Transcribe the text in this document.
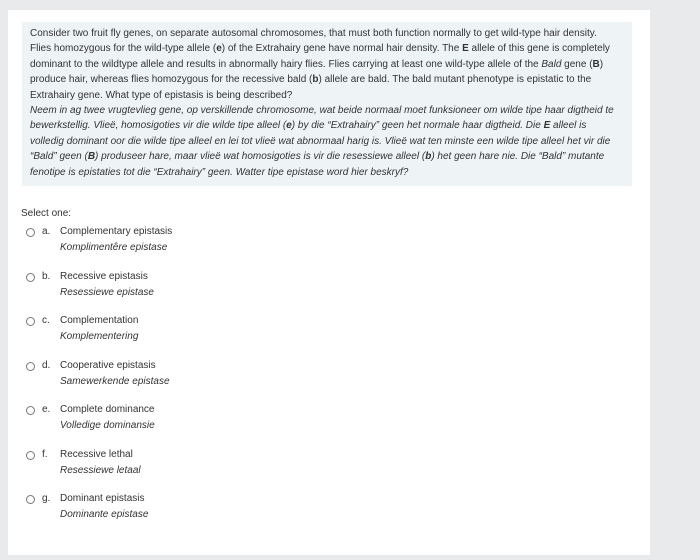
Consider two fruit fly genes, on separate autosomal chromosomes, that must both function normally to get wild-type hair density. Flies homozygous for the wild-type allele (e) of the Extrahairy gene have normal hair density. The E allele of this gene is completely dominant to the wildtype allele and results in abnormally hairy flies. Flies carrying at least one wild-type allele of the Bald gene (B) produce hair, whereas flies homozygous for the recessive bald (b) allele are bald. The bald mutant phenotype is epistatic to the Extrahairy gene. What type of epistasis is being described?

Neem in ag twee vrugtevlieg gene, op verskillende chromosome, wat beide normaal moet funksioneer om wilde tipe haar digtheid te bewerkstellig. Vlieë, homosigoties vir die wilde tipe alleel (e) by die “Extrahairy” geen het normale haar digtheid. Die E alleel is volledig dominant oor die wilde tipe alleel en lei tot vlieë wat abnormaal harig is. Vlieë wat ten minste een wilde tipe alleel het vir die “Bald” geen (B) produseer hare, maar vlieë wat homosigoties is vir die resessiewe alleel (b) het geen hare nie. Die “Bald” mutante fenotipe is epistaties tot die “Extrahairy” geen. Watter tipe epistase word hier beskryf?

Select one:
a. Complementary epistasis
Komplimentêre epistase
b. Recessive epistasis
Resessiewe epistase
c. Complementation
Komplementering
d. Cooperative epistasis
Samewerkende epistase
e. Complete dominance
Volledige dominansie
f. Recessive lethal
Resessiewe letaal
g. Dominant epistasis
Dominante epistase
